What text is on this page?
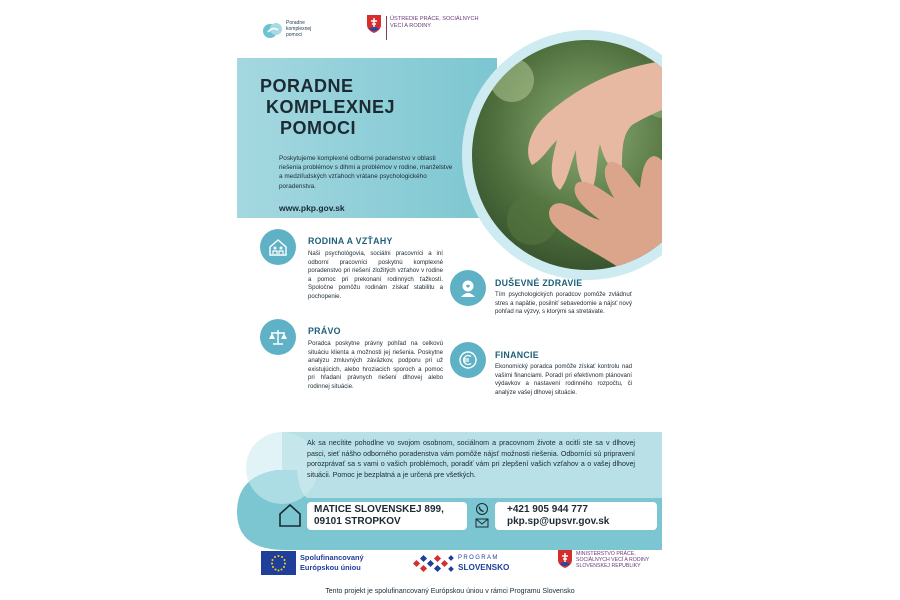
Poradne komplexnej pomoci
ÚSTREDIE PRÁCE, SOCIÁLNYCH VECÍ A RODINY
PORADNE
KOMPLEXNEJ
POMOCI
Poskytujeme komplexné odborné poradenstvo v oblasti riešenia problémov s dlhmi a problémov v rodine, manželstve a medziľudských vzťahoch vrátane psychologického poradenstva.
www.pkp.gov.sk
RODINA A VZŤAHY
Naši psychológovia, sociálni pracovníci a iní odborní pracovníci poskytnú komplexné poradenstvo pri riešení zložitých vzťahov v rodine a pomoc pri prekonaní rodinných ťažkostí. Spoločne pomôžu rodinám získať stabilitu a pochopenie.
DUŠEVNÉ ZDRAVIE
Tím psychologických poradcov pomôže zvládnuť stres a napätie, posilniť sebavedomie a nájsť nový pohľad na výzvy, s ktorými sa stretávate.
PRÁVO
Poradca poskytne právny pohľad na celkovú situáciu klienta a možnosti jej riešenia. Poskytne analýzu zmluvných záväzkov, podporu pri už existujúcich, alebo hroziacich sporoch a pomoc pri hľadaní právnych riešení dlhovej alebo rodinnej situácie.
FINANCIE
Ekonomický poradca pomôže získať kontrolu nad vašimi financiami. Poradí pri efektívnom plánovaní výdavkov a nastavení rodinného rozpočtu, či analýze vašej dlhovej situácie.
Ak sa necítite pohodlne vo svojom osobnom, sociálnom a pracovnom živote a ocitli ste sa v dlhovej pasci, sieť nášho odborného poradenstva vám pomôže nájsť možnosti riešenia. Odborníci sú pripravení porozprávať sa s vami o vašich problémoch, poradiť vám pri zlepšení vašich vzťahov a o vašej dlhovej situácii. Pomoc je bezplatná a je určená pre všetkých.
MATICE SLOVENSKEJ 899,
09101 STROPKOV
+421 905 944 777
pkp.sp@upsvr.gov.sk
Spolufinancovaný
Európskou úniou
PROGRAM
SLOVENSKO
MINISTERSTVO PRÁCE, SOCIÁLNYCH VECÍ A RODINY SLOVENSKEJ REPUBLIKY
Tento projekt je spolufinancovaný Európskou úniou v rámci Programu Slovensko
